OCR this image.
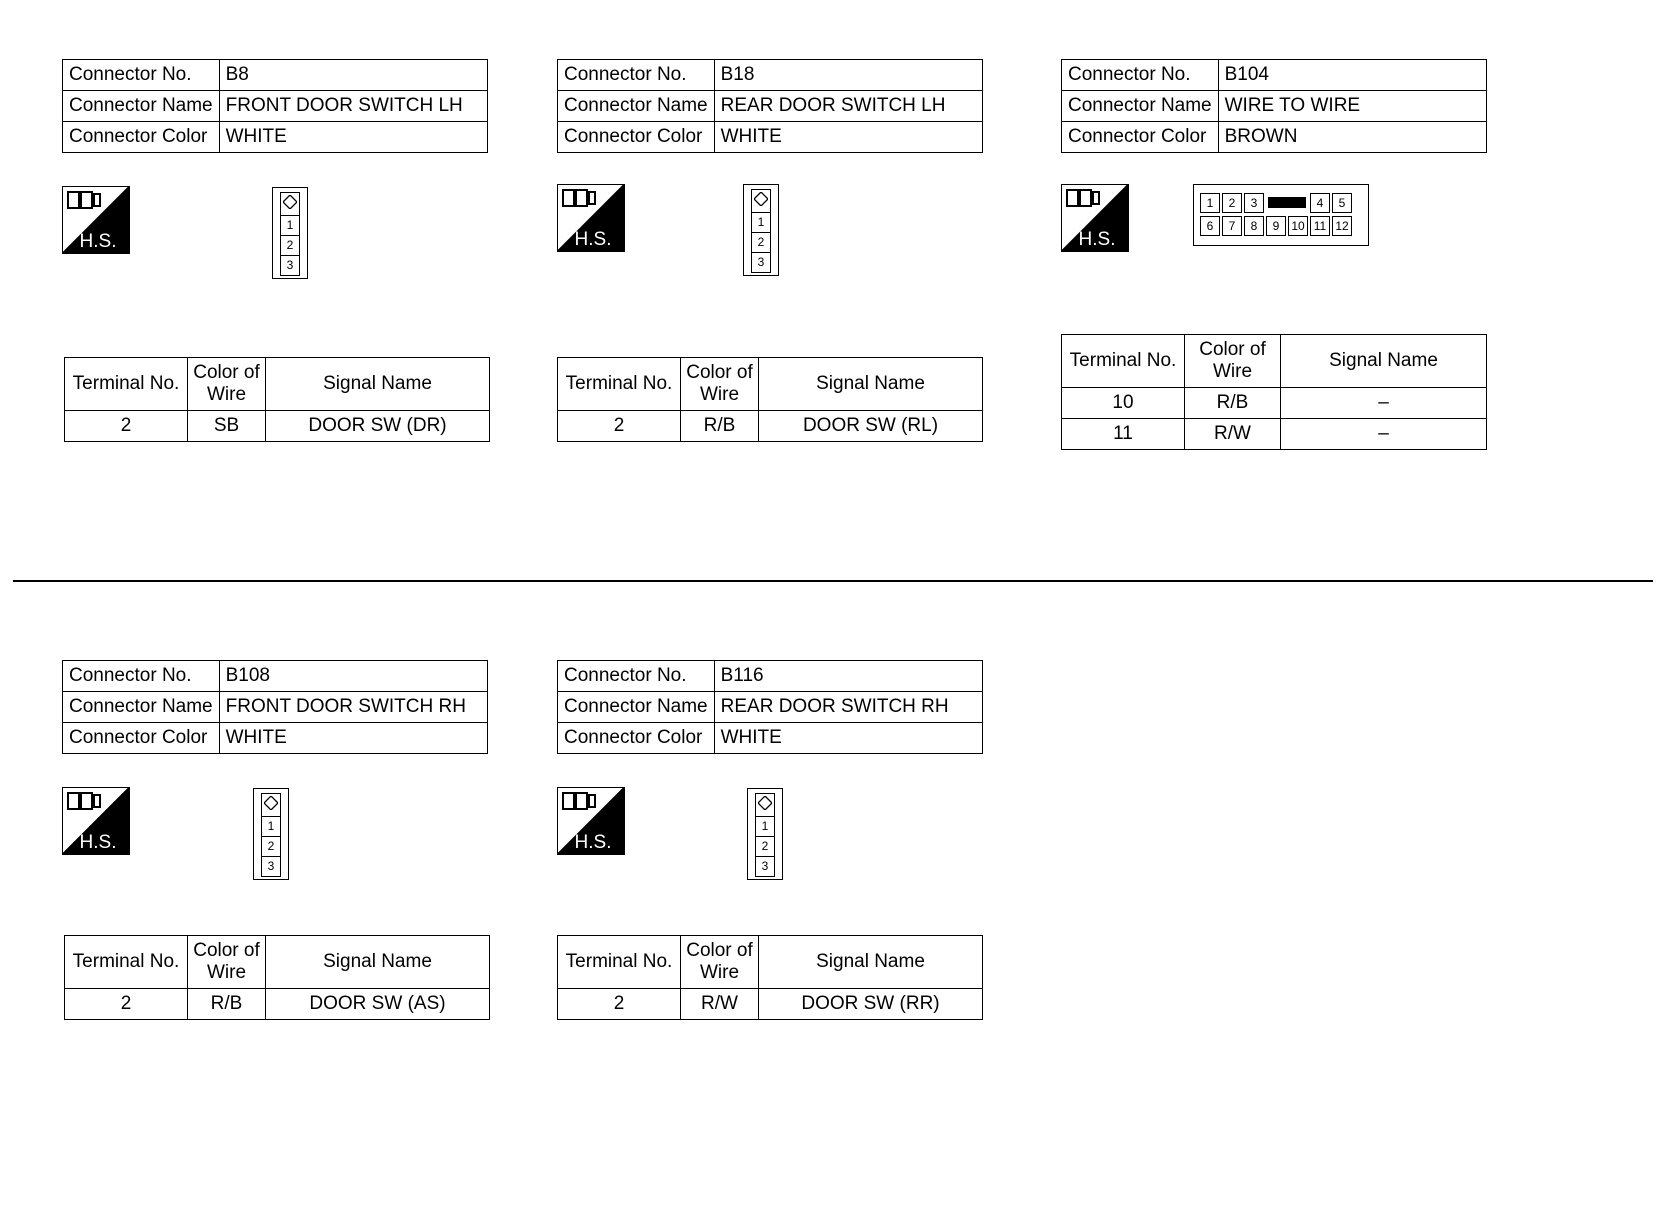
Connector No.	B8
Connector Name	FRONT DOOR SWITCH LH
Connector Color	WHITE
H.S.
1
2
3
Terminal No.	Color of Wire	Signal Name
2	SB	DOOR SW (DR)
Connector No.	B18
Connector Name	REAR DOOR SWITCH LH
Connector Color	WHITE
H.S.
1
2
3
Terminal No.	Color of Wire	Signal Name
2	R/B	DOOR SW (RL)
Connector No.	B104
Connector Name	WIRE TO WIRE
Connector Color	BROWN
H.S.
1	2	3	4	5
6	7	8	9 10 11 12
Terminal No.	Color of Wire	Signal Name
10	R/B	–
11	R/W	–
Connector No.	B108
Connector Name	FRONT DOOR SWITCH RH
Connector Color	WHITE
H.S.
1
2
3
Terminal No.	Color of Wire	Signal Name
2	R/B	DOOR SW (AS)
Connector No.	B116
Connector Name	REAR DOOR SWITCH RH
Connector Color	WHITE
H.S.
1
2
3
Terminal No.	Color of Wire	Signal Name
2	R/W	DOOR SW (RR)
